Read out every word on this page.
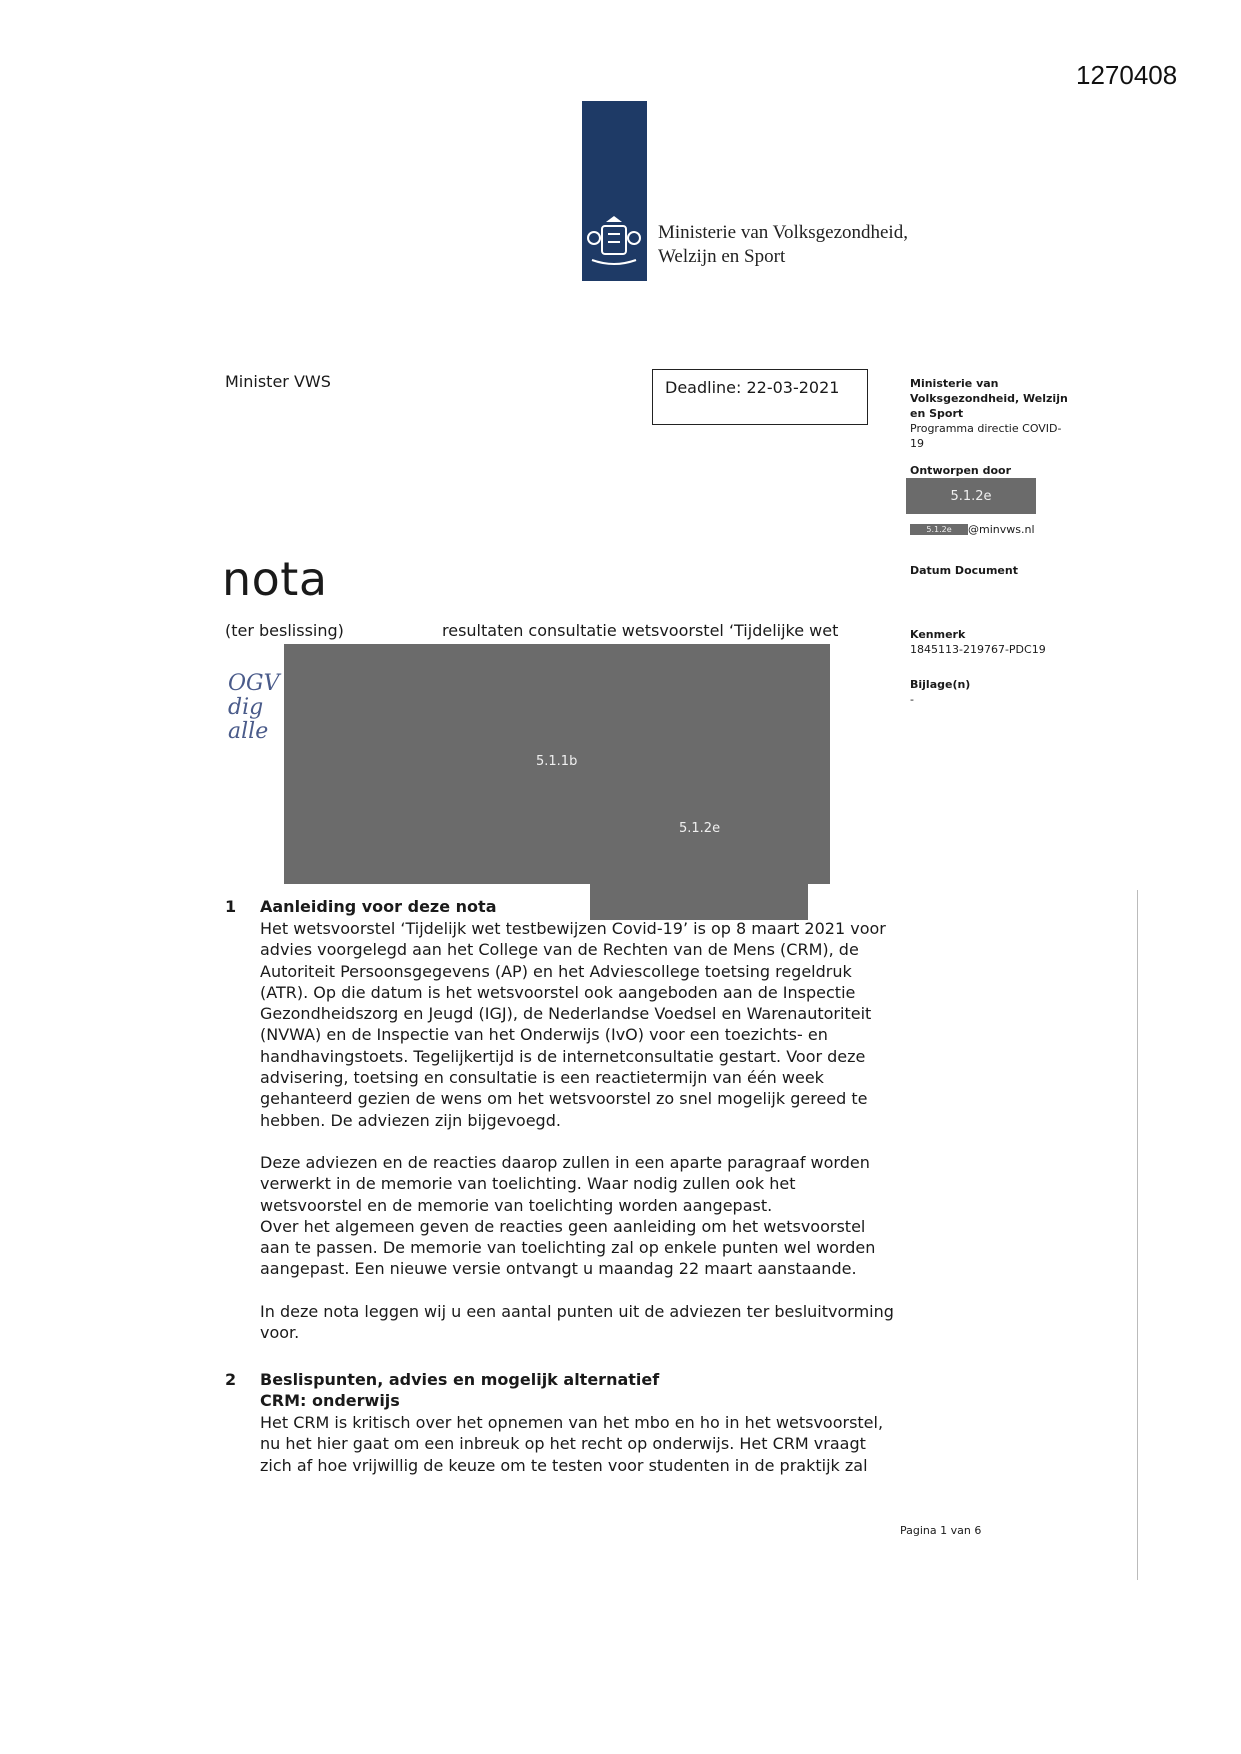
1270408
Ministerie van Volksgezondheid,
Welzijn en Sport
Minister VWS	Deadline: 22-03-2021	Ministerie van
Volksgezondheid, Welzijn
en Sport
Programma directie COVID-19
Ontworpen door
5.1.2e
5.1.2e	@minvws.nl
Datum Document
Kenmerk
1845113-219767-PDC19
Bijlage(n)
-
nota
(ter beslissing)	resultaten consultatie wetsvoorstel ‘Tijdelijke wet
OGV
dig
alle
5.1.1b
5.1.2e
1 Aanleiding voor deze nota

Het wetsvoorstel ‘Tijdelijk wet testbewijzen Covid-19’ is op 8 maart 2021 voor advies voorgelegd aan het College van de Rechten van de Mens (CRM), de Autoriteit Persoonsgegevens (AP) en het Adviescollege toetsing regeldruk (ATR). Op die datum is het wetsvoorstel ook aangeboden aan de Inspectie Gezondheidszorg en Jeugd (IGJ), de Nederlandse Voedsel en Warenautoriteit (NVWA) en de Inspectie van het Onderwijs (IvO) voor een toezichts- en handhavingstoets. Tegelijkertijd is de internetconsultatie gestart. Voor deze advisering, toetsing en consultatie is een reactietermijn van één week gehanteerd gezien de wens om het wetsvoorstel zo snel mogelijk gereed te hebben. De adviezen zijn bijgevoegd.

Deze adviezen en de reacties daarop zullen in een aparte paragraaf worden verwerkt in de memorie van toelichting. Waar nodig zullen ook het wetsvoorstel en de memorie van toelichting worden aangepast.

Over het algemeen geven de reacties geen aanleiding om het wetsvoorstel aan te passen. De memorie van toelichting zal op enkele punten wel worden aangepast. Een nieuwe versie ontvangt u maandag 22 maart aanstaande.

In deze nota leggen wij u een aantal punten uit de adviezen ter besluitvorming voor.

2 Beslispunten, advies en mogelijk alternatief
CRM: onderwijs

Het CRM is kritisch over het opnemen van het mbo en ho in het wetsvoorstel, nu het hier gaat om een inbreuk op het recht op onderwijs. Het CRM vraagt zich af hoe vrijwillig de keuze om te testen voor studenten in de praktijk zal

Pagina 1 van 6
